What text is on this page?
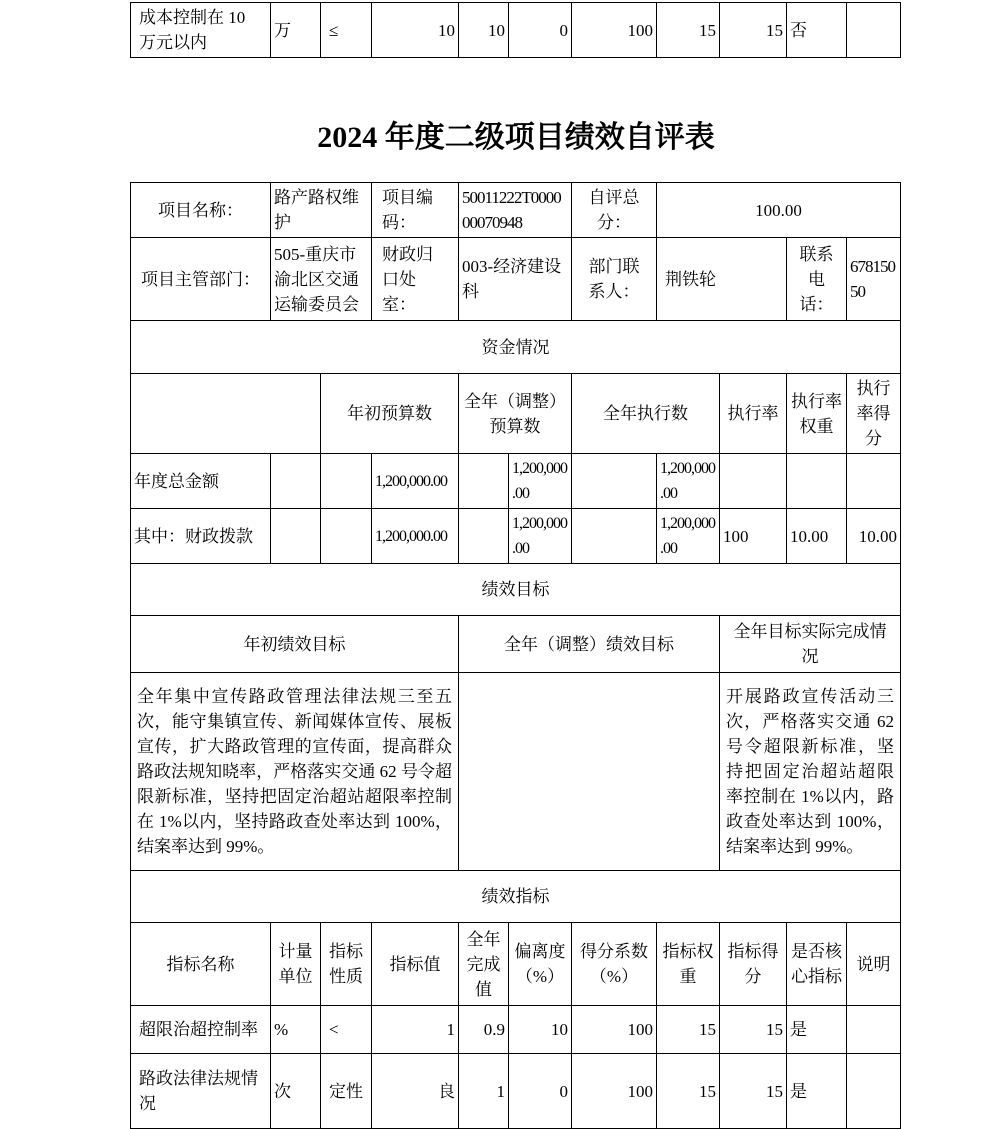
成本控制在 10 万元以内	万	≤	10	10	0	100	15	15	否	
2024 年度二级项目绩效自评表
项目名称：	路产路权维护		项目编码：	50011222T000000070948		自评总分：	100.00			
项目主管部门：	505-重庆市渝北区交通运输委员会		财政归口处室：	003-经济建设科		部门联系人：	荆铁轮		联系电话：	67815050
资金情况										
		年初预算数		全年（调整）预算数		全年执行数		执行率	执行率权重	执行率得分
年度总金额			1,200,000.00		1,200,000.00		1,200,000.00			
其中：财政拨款			1,200,000.00		1,200,000.00		1,200,000.00	100	10.00	10.00
绩效目标										
年初绩效目标				全年（调整）绩效目标				全年目标实际完成情况		
全年集中宣传路政管理法律法规三至五次，能守集镇宣传、新闻媒体宣传、展板宣传，扩大路政管理的宣传面，提高群众路政法规知晓率，严格落实交通 62 号令超限新标准，坚持把固定治超站超限率控制在 1%以内，坚持路政查处率达到 100%，结案率达到 99%。								开展路政宣传活动三次，严格落实交通 62 号令超限新标准，坚持把固定治超站超限率控制在 1%以内，路政查处率达到 100%，结案率达到 99%。		
绩效指标										
指标名称	计量单位	指标性质	指标值	全年完成值	偏离度（%）	得分系数（%）	指标权重	指标得分	是否核心指标	说明
超限治超控制率	%	<	1	0.9	10	100	15	15	是	
路政法律法规情况	次	定性	良	1	0	100	15	15	是	
